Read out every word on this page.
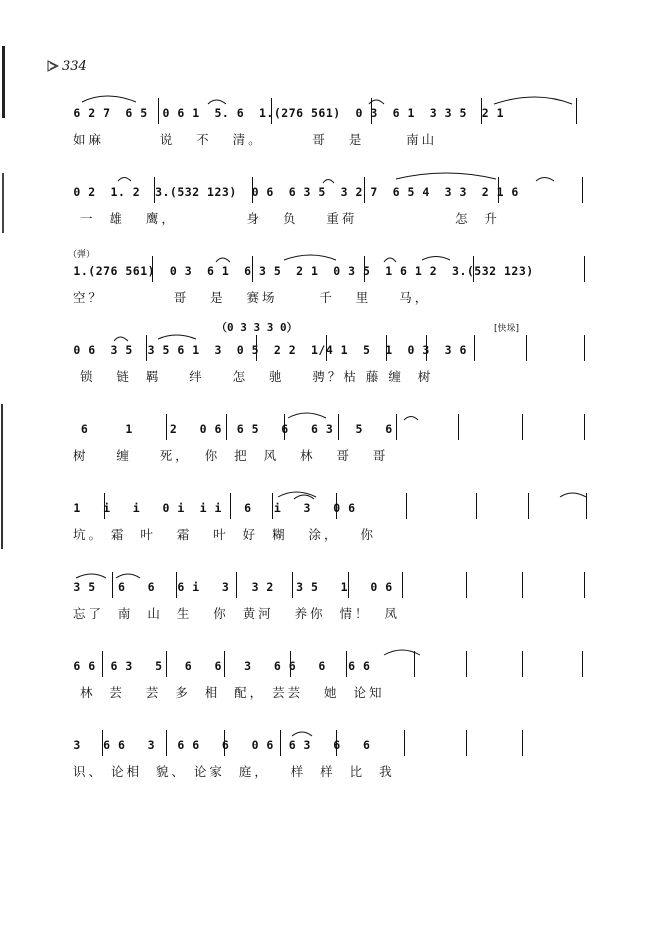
334
6 2 7  6 5  0 6 1  5. 6  1.(276 561)  0 3  6 1  3 3 5  2 1
如麻        说   不   清。       哥   是      南山
0 2  1. 2  3.(532 123)  0 6  6 3 5  3 2 7  6 5 4  3 3  2 1 6
一  雄   鹰，          身   负    重荷              怎  升
（弹）
1.(276 561)  0 3  6 1  6 3 5  2 1  0 3 5  1 6 1 2  3.(532 123)
空？          哥   是   赛场      千   里    马，
（0 3 3 3 0）	[快垛]
0 6  3 5  3 5 6 1  3  0 5  2 2  1/4 1  5  1  0 3  3 6
锁   链  羁    绊    怎   驰    骋？枯 藤 缠  树
6     1     2   0 6  6 5   6   6 3   5   6
树    缠    死，  你  把  风   林   哥   哥
1   i   i   0 i  i i   6   i   3   0 6
坑。 霜  叶   霜   叶  好  糊   涂，   你
3 5   6   6   6 i   3   3 2   3 5   1   0 6
忘了  南  山  生   你  黄河   养你  情！  凤
6 6  6 3   5   6   6   3   6 6   6   6 6
林  芸   芸  多  相  配， 芸芸   她  论知
3   6 6   3   6 6   6   0 6  6 3   6   6
识、 论相  貌、 论家  庭，   样  样  比  我
